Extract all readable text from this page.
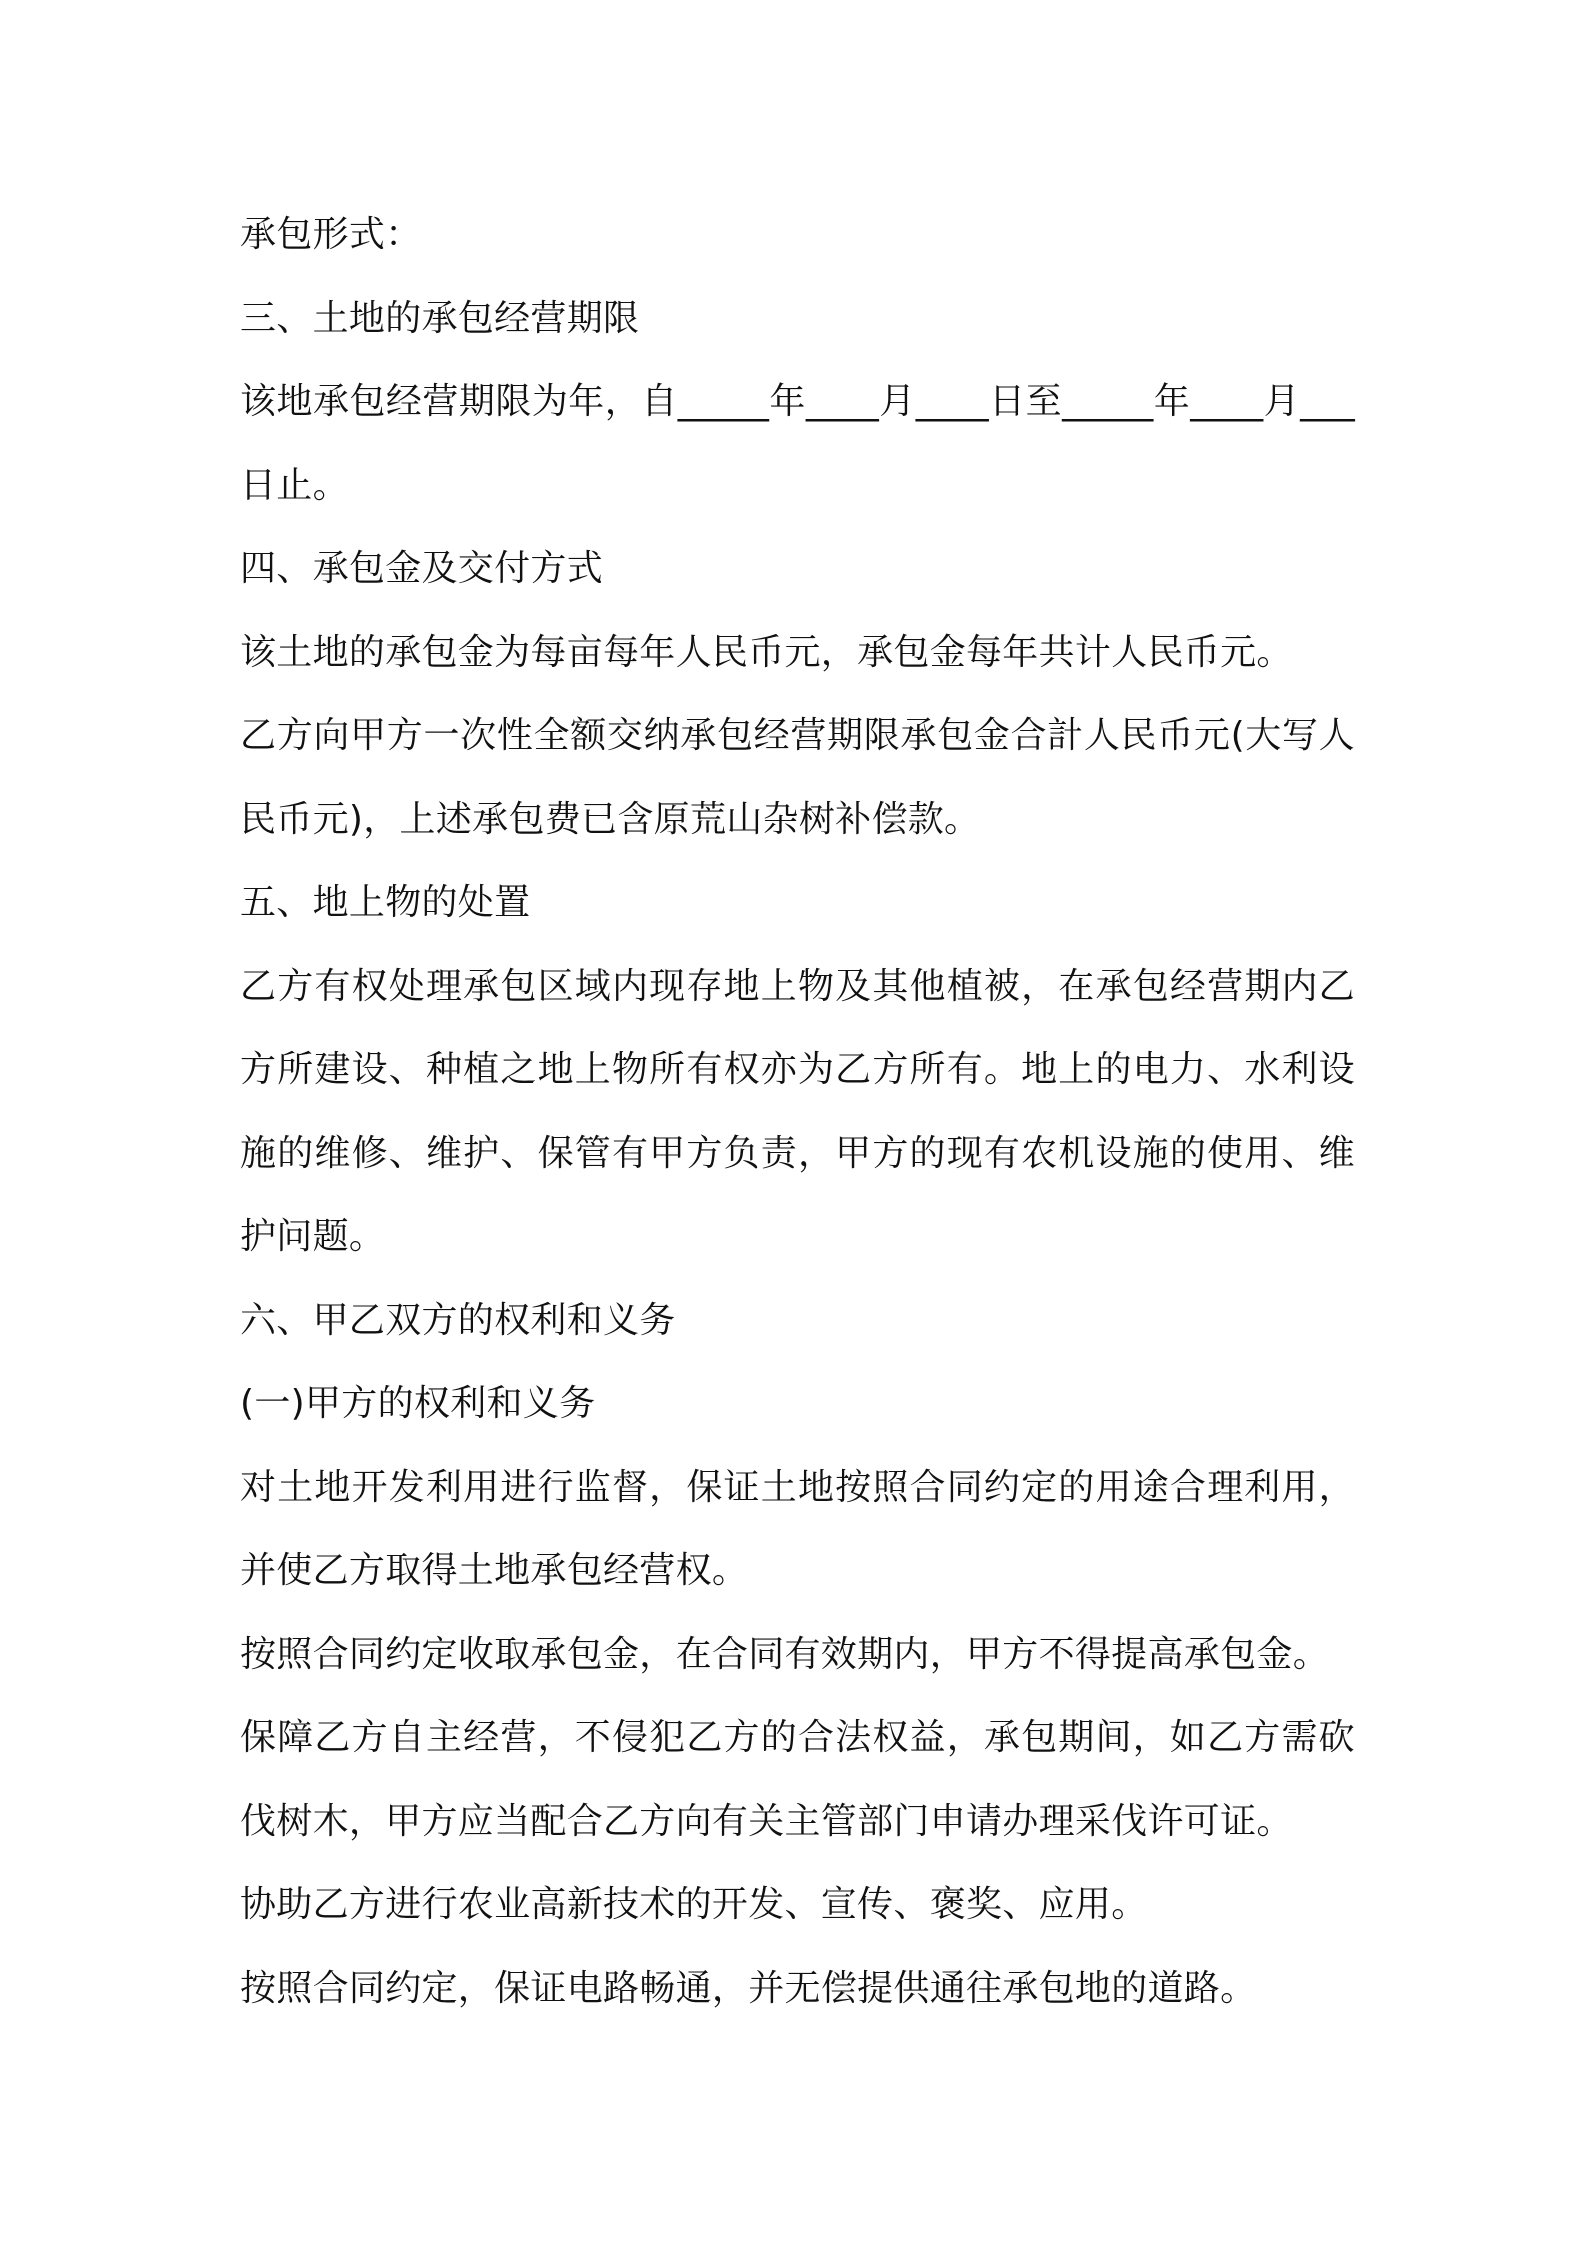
承包形式：

三、土地的承包经营期限

该地承包经营期限为年，自_____年____月____日至_____年____月___日止。

四、承包金及交付方式

该土地的承包金为每亩每年人民币元，承包金每年共计人民币元。

乙方向甲方一次性全额交纳承包经营期限承包金合計人民币元(大写人民币元)，上述承包费已含原荒山杂树补偿款。

五、地上物的处置

乙方有权处理承包区域内现存地上物及其他植被，在承包经营期内乙方所建设、种植之地上物所有权亦为乙方所有。地上的电力、水利设施的维修、维护、保管有甲方负责，甲方的现有农机设施的使用、维护问题。

六、甲乙双方的权利和义务

(一)甲方的权利和义务

对土地开发利用进行监督，保证土地按照合同约定的用途合理利用，并使乙方取得土地承包经营权。

按照合同约定收取承包金，在合同有效期内，甲方不得提高承包金。

保障乙方自主经营，不侵犯乙方的合法权益，承包期间，如乙方需砍伐树木，甲方应当配合乙方向有关主管部门申请办理采伐许可证。

协助乙方进行农业高新技术的开发、宣传、褒奖、应用。

按照合同约定，保证电路畅通，并无偿提供通往承包地的道路。
